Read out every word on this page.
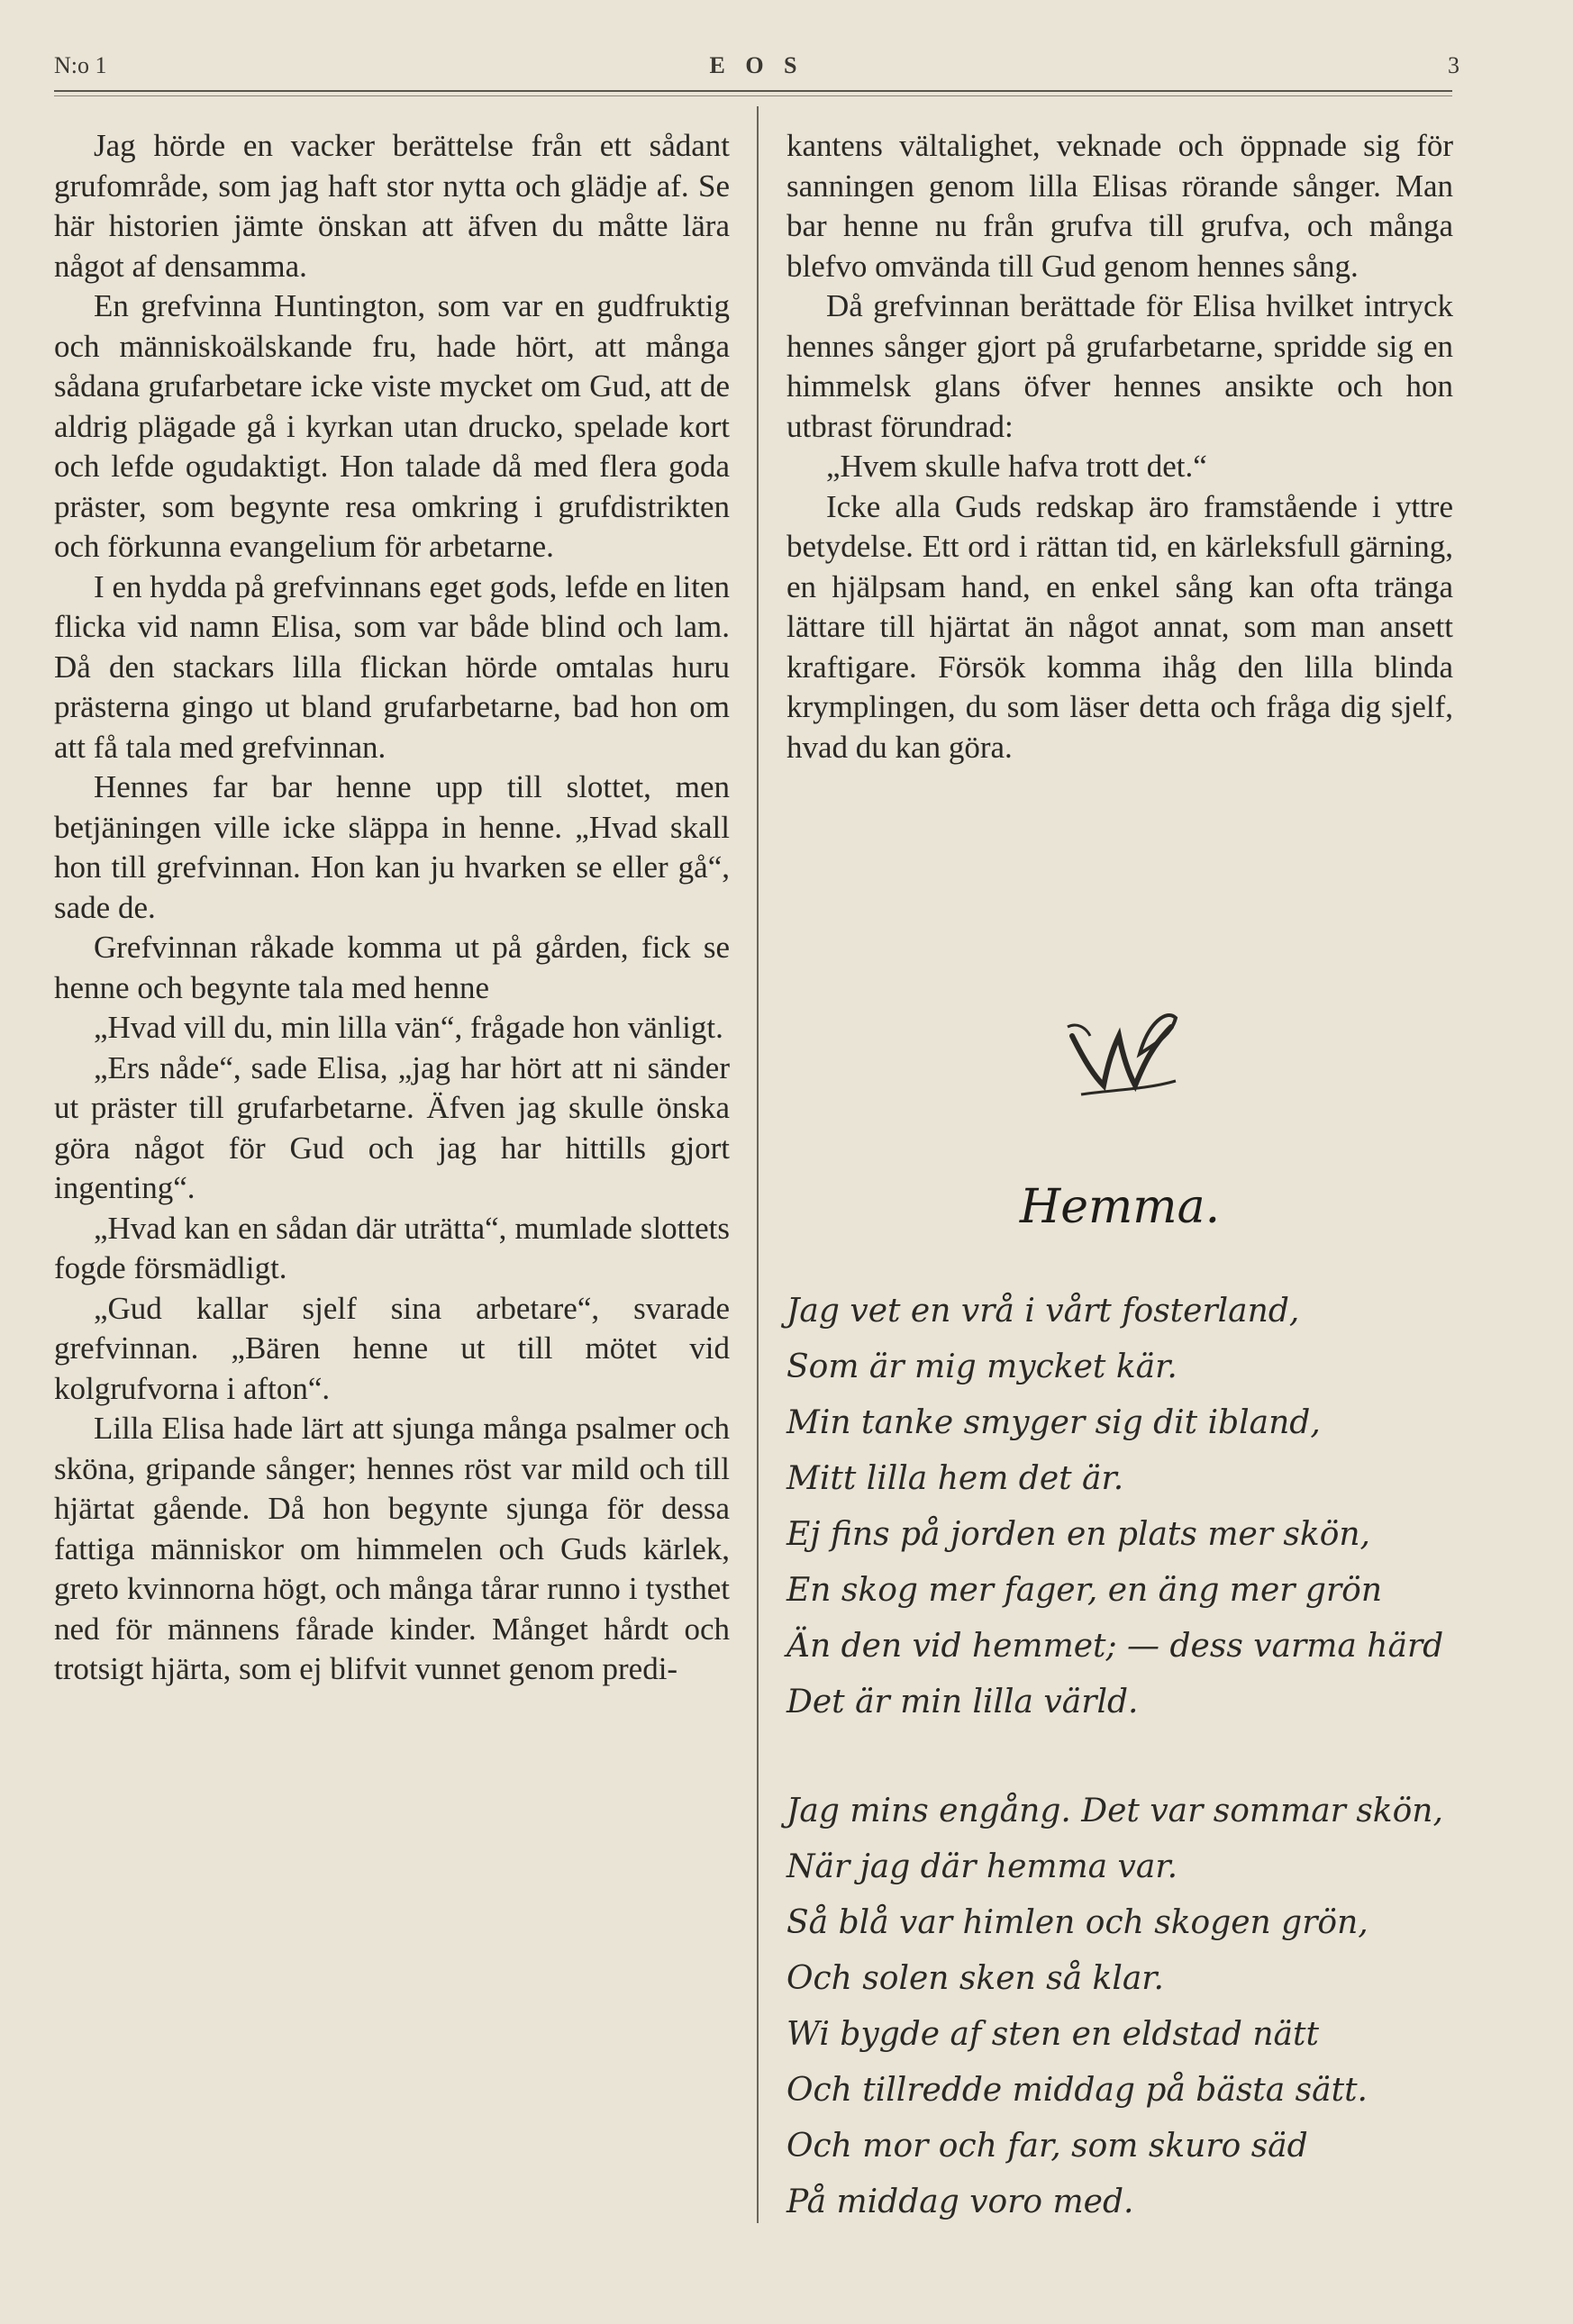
N:o 1	E O S	3

Jag hörde en vacker berättelse från ett sådant grufområde, som jag haft stor nytta och glädje af. Se här historien jämte önskan att äfven du måtte lära något af densamma.

En grefvinna Huntington, som var en gudfruktig och människoälskande fru, hade hört, att många sådana grufarbetare icke viste mycket om Gud, att de aldrig plägade gå i kyrkan utan drucko, spelade kort och lefde ogudaktigt. Hon talade då med flera goda präster, som begynte resa omkring i grufdistrikten och förkunna evangelium för arbetarne.

I en hydda på grefvinnans eget gods, lefde en liten flicka vid namn Elisa, som var både blind och lam. Då den stackars lilla flickan hörde omtalas huru prästerna gingo ut bland grufarbetarne, bad hon om att få tala med grefvinnan.

Hennes far bar henne upp till slottet, men betjäningen ville icke släppa in henne. „Hvad skall hon till grefvinnan. Hon kan ju hvarken se eller gå“, sade de.

Grefvinnan råkade komma ut på gården, fick se henne och begynte tala med henne

„Hvad vill du, min lilla vän“, frågade hon vänligt.

„Ers nåde“, sade Elisa, „jag har hört att ni sänder ut präster till grufarbetarne. Äfven jag skulle önska göra något för Gud och jag har hittills gjort ingenting“.

„Hvad kan en sådan där uträtta“, mumlade slottets fogde försmädligt.

„Gud kallar sjelf sina arbetare“, svarade grefvinnan. „Bären henne ut till mötet vid kolgrufvorna i afton“.

Lilla Elisa hade lärt att sjunga många psalmer och sköna, gripande sånger; hennes röst var mild och till hjärtat gående. Då hon begynte sjunga för dessa fattiga människor om himmelen och Guds kärlek, greto kvinnorna högt, och många tårar runno i tysthet ned för männens fårade kinder. Månget hårdt och trotsigt hjärta, som ej blifvit vunnet genom predi-

kantens vältalighet, veknade och öppnade sig för sanningen genom lilla Elisas rörande sånger. Man bar henne nu från grufva till grufva, och många blefvo omvända till Gud genom hennes sång.

Då grefvinnan berättade för Elisa hvilket intryck hennes sånger gjort på grufarbetarne, spridde sig en himmelsk glans öfver hennes ansikte och hon utbrast förundrad:

„Hvem skulle hafva trott det.“

Icke alla Guds redskap äro framstående i yttre betydelse. Ett ord i rättan tid, en kärleksfull gärning, en hjälpsam hand, en enkel sång kan ofta tränga lättare till hjärtat än något annat, som man ansett kraftigare. Försök komma ihåg den lilla blinda krymplingen, du som läser detta och fråga dig sjelf, hvad du kan göra.

Hemma.
Jag vet en vrå i vårt fosterland,
Som är mig mycket kär.
Min tanke smyger sig dit ibland,
Mitt lilla hem det är.
Ej fins på jorden en plats mer skön,
En skog mer fager, en äng mer grön
Än den vid hemmet; — dess varma härd
Det är min lilla värld.
Jag mins engång. Det var sommar skön,
När jag där hemma var.
Så blå var himlen och skogen grön,
Och solen sken så klar.
Wi bygde af sten en eldstad nätt
Och tillredde middag på bästa sätt.
Och mor och far, som skuro säd
På middag voro med.
